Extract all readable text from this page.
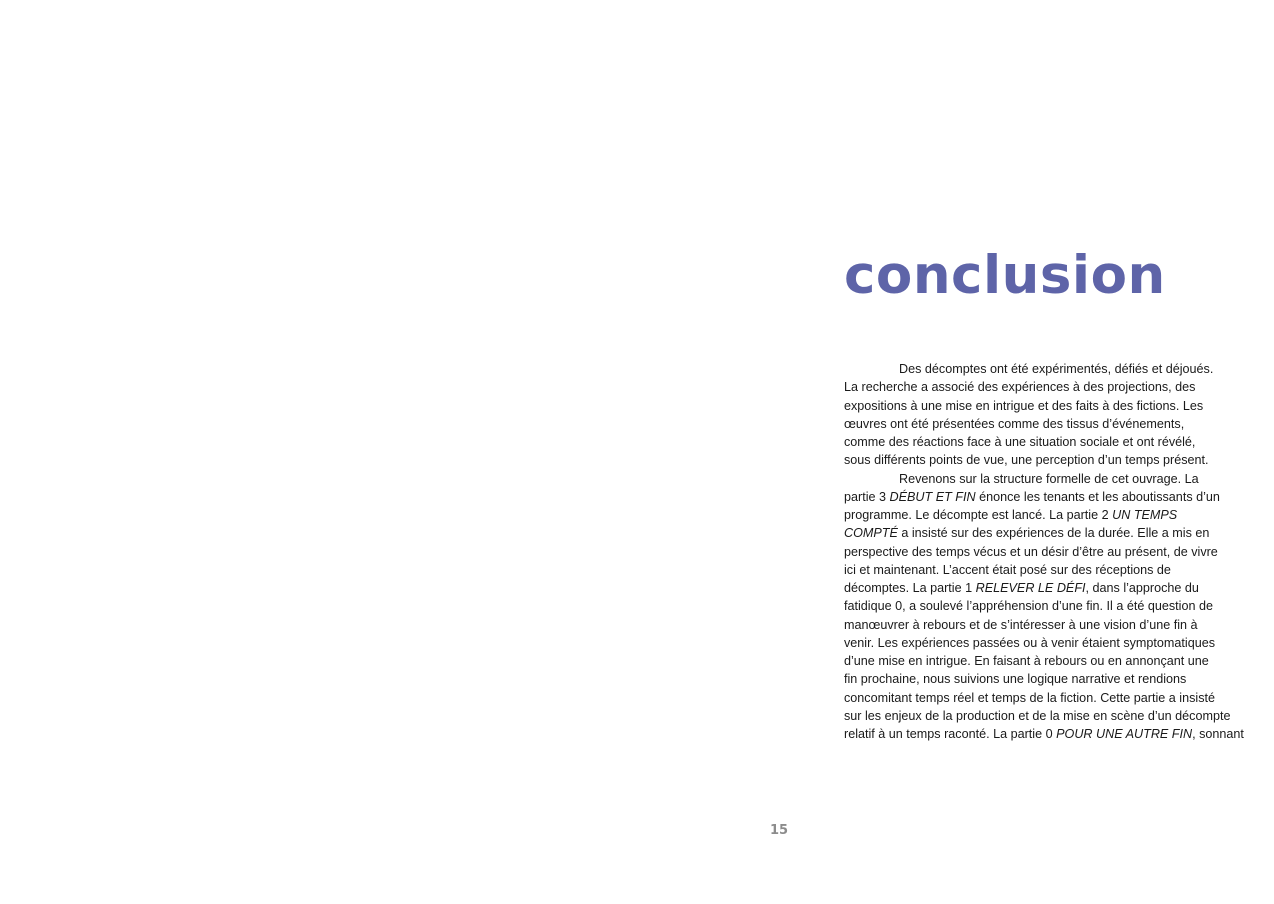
conclusion
Des décomptes ont été expérimentés, défiés et déjoués.
La recherche a associé des expériences à des projections, des
expositions à une mise en intrigue et des faits à des fictions. Les
œuvres ont été présentées comme des tissus d’événements,
comme des réactions face à une situation sociale et ont révélé,
sous différents points de vue, une perception d’un temps présent.
Revenons sur la structure formelle de cet ouvrage. La
partie 3 DÉBUT ET FIN énonce les tenants et les aboutissants d’un
programme. Le décompte est lancé. La partie 2 UN TEMPS
COMPTÉ a insisté sur des expériences de la durée. Elle a mis en
perspective des temps vécus et un désir d’être au présent, de vivre
ici et maintenant. L’accent était posé sur des réceptions de
décomptes. La partie 1 RELEVER LE DÉFI, dans l’approche du
fatidique 0, a soulevé l’appréhension d’une fin. Il a été question de
manœuvrer à rebours et de s’intéresser à une vision d’une fin à
venir. Les expériences passées ou à venir étaient symptomatiques
d’une mise en intrigue. En faisant à rebours ou en annonçant une
fin prochaine, nous suivions une logique narrative et rendions
concomitant temps réel et temps de la fiction. Cette partie a insisté
sur les enjeux de la production et de la mise en scène d’un décompte
relatif à un temps raconté. La partie 0 POUR UNE AUTRE FIN, sonnant
15
